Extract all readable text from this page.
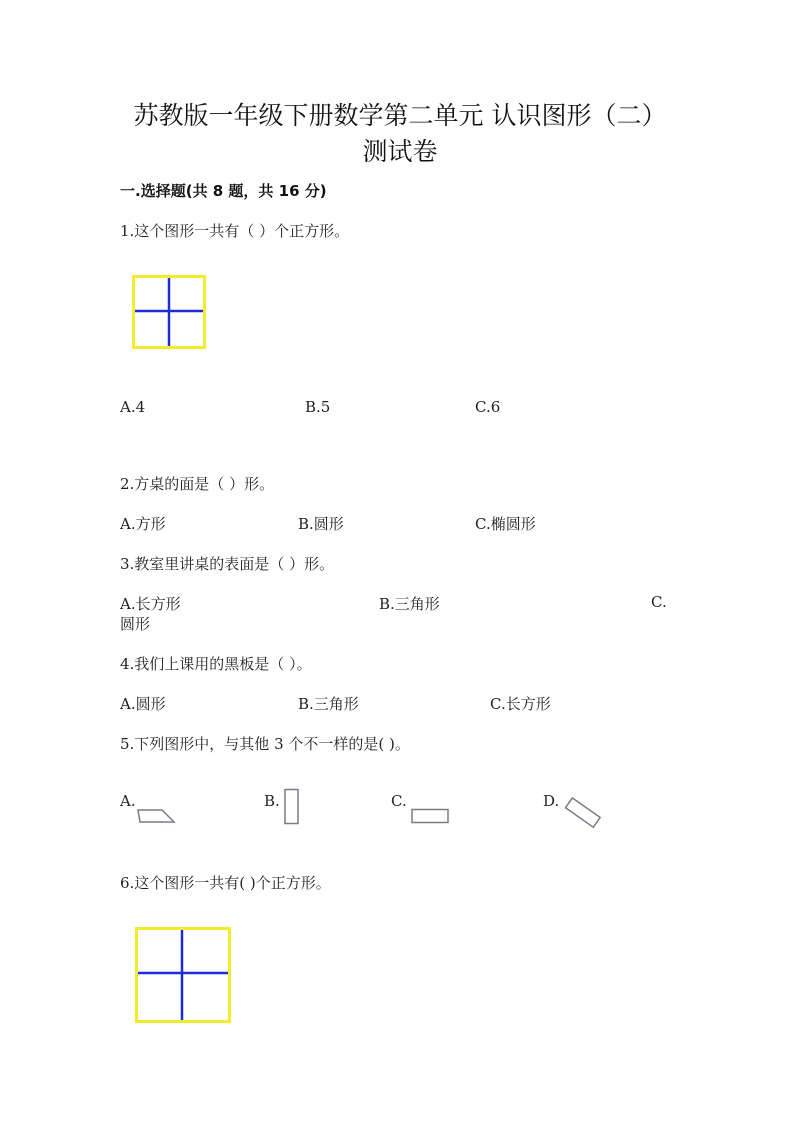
苏教版一年级下册数学第二单元 认识图形（二）
测试卷
一.选择题(共 8 题，共 16 分)
1.这个图形一共有（ ）个正方形。
A.4	B.5	C.6
2.方桌的面是（ ）形。
A.方形	B.圆形	C.椭圆形
3.教室里讲桌的表面是（ ）形。
A.长方形	B.三角形	C.
圆形
4.我们上课用的黑板是（ ）。
A.圆形	B.三角形	C.长方形
5.下列图形中，与其他 3 个不一样的是( )。
A.	B.	C.	D.
6.这个图形一共有( )个正方形。
